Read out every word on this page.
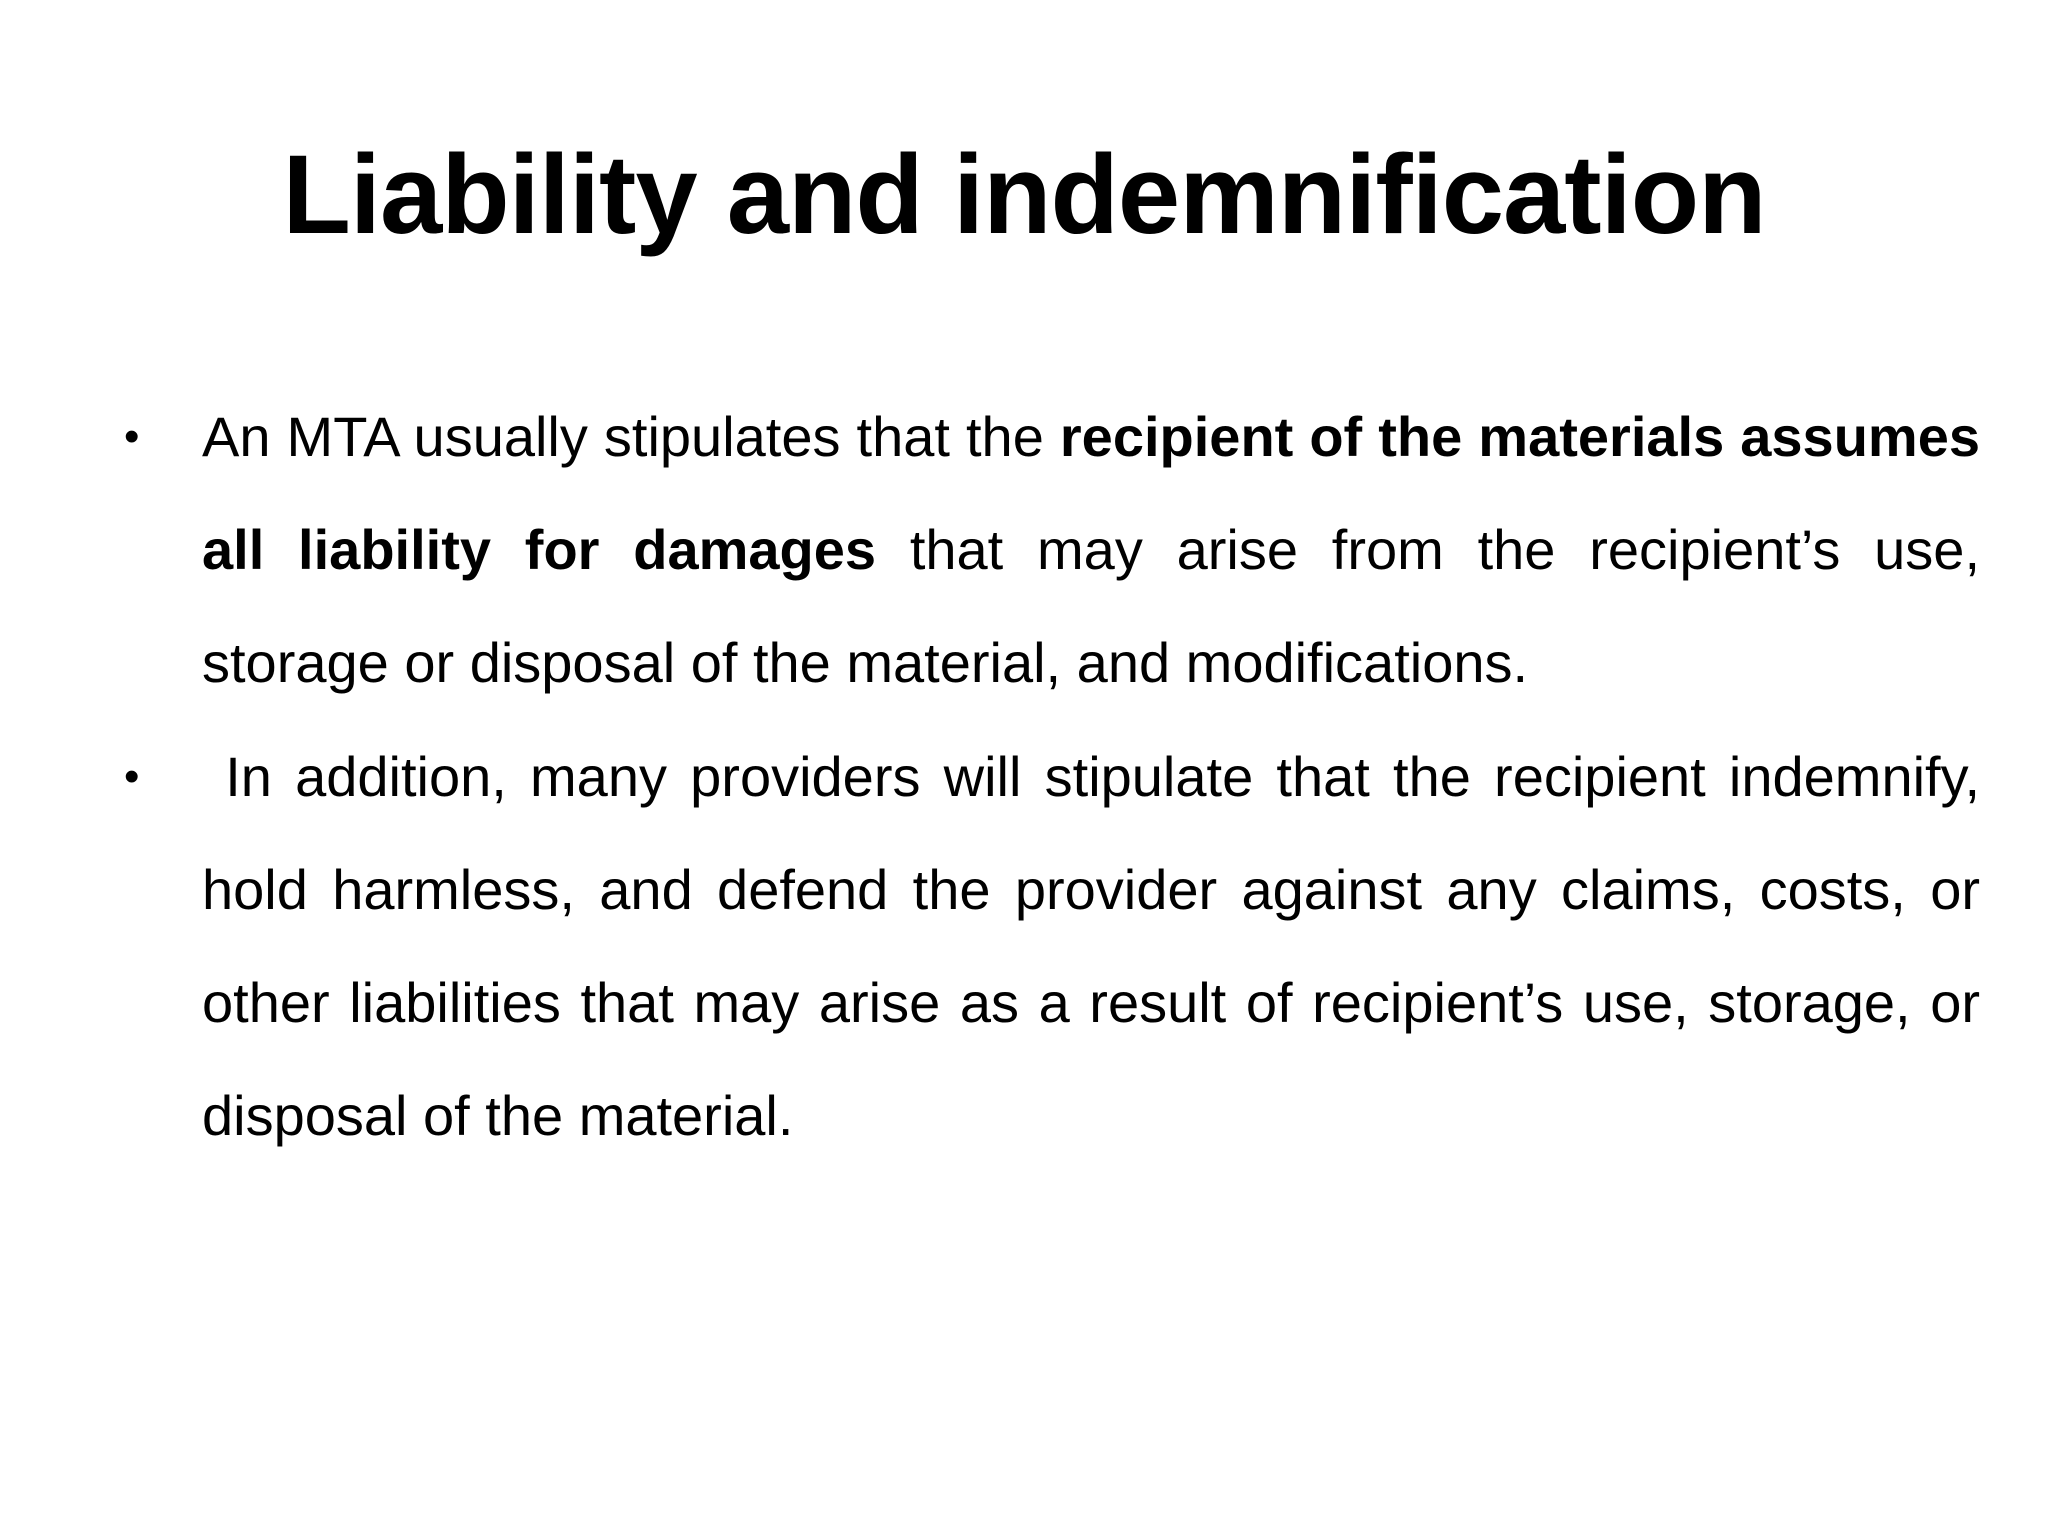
Liability and indemnification
• An MTA usually stipulates that the recipient of the materials assumes all liability for damages that may arise from the recipient’s use, storage or disposal of the material, and modifications.
• In addition, many providers will stipulate that the recipient indemnify, hold harmless, and defend the provider against any claims, costs, or other liabilities that may arise as a result of recipient’s use, storage, or disposal of the material.
